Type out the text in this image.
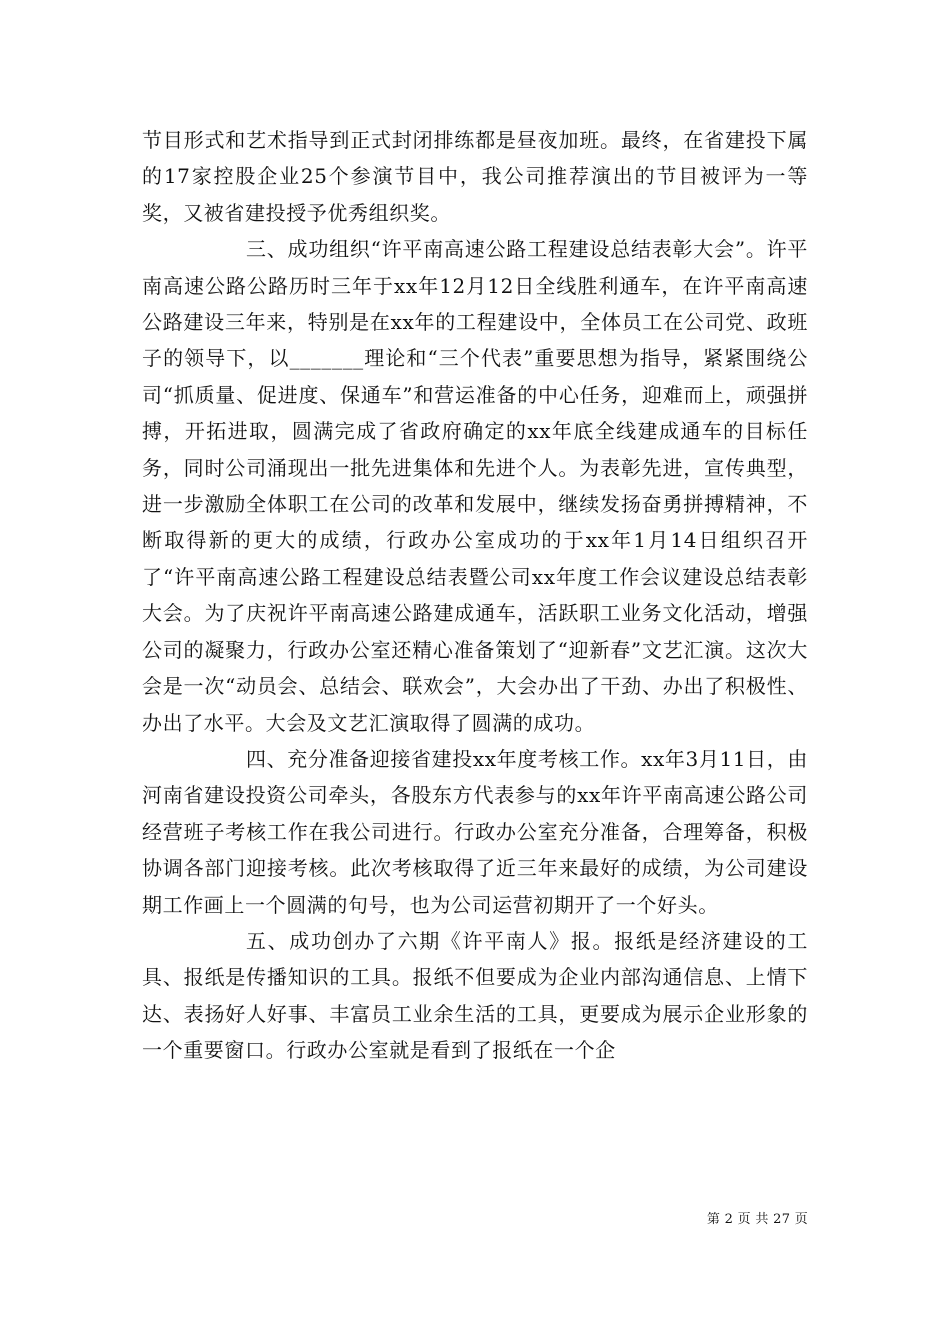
节目形式和艺术指导到正式封闭排练都是昼夜加班。最终，在省建投下属的17家控股企业25个参演节目中，我公司推荐演出的节目被评为一等奖，又被省建投授予优秀组织奖。

三、成功组织“许平南高速公路工程建设总结表彰大会”。许平南高速公路公路历时三年于xx年12月12日全线胜利通车，在许平南高速公路建设三年来，特别是在xx年的工程建设中，全体员工在公司党、政班子的领导下，以_______理论和“三个代表”重要思想为指导，紧紧围绕公司“抓质量、促进度、保通车”和营运准备的中心任务，迎难而上，顽强拼搏，开拓进取，圆满完成了省政府确定的xx年底全线建成通车的目标任务，同时公司涌现出一批先进集体和先进个人。为表彰先进，宣传典型，进一步激励全体职工在公司的改革和发展中，继续发扬奋勇拼搏精神，不断取得新的更大的成绩，行政办公室成功的于xx年1月14日组织召开了“许平南高速公路工程建设总结表暨公司xx年度工作会议建设总结表彰大会。为了庆祝许平南高速公路建成通车，活跃职工业务文化活动，增强公司的凝聚力，行政办公室还精心准备策划了“迎新春”文艺汇演。这次大会是一次“动员会、总结会、联欢会”，大会办出了干劲、办出了积极性、办出了水平。大会及文艺汇演取得了圆满的成功。

四、充分准备迎接省建投xx年度考核工作。xx年3月11日，由河南省建设投资公司牵头，各股东方代表参与的xx年许平南高速公路公司经营班子考核工作在我公司进行。行政办公室充分准备，合理筹备，积极协调各部门迎接考核。此次考核取得了近三年来最好的成绩，为公司建设期工作画上一个圆满的句号，也为公司运营初期开了一个好头。

五、成功创办了六期《许平南人》报。报纸是经济建设的工具、报纸是传播知识的工具。报纸不但要成为企业内部沟通信息、上情下达、表扬好人好事、丰富员工业余生活的工具，更要成为展示企业形象的一个重要窗口。行政办公室就是看到了报纸在一个企

第 2 页 共 27 页
